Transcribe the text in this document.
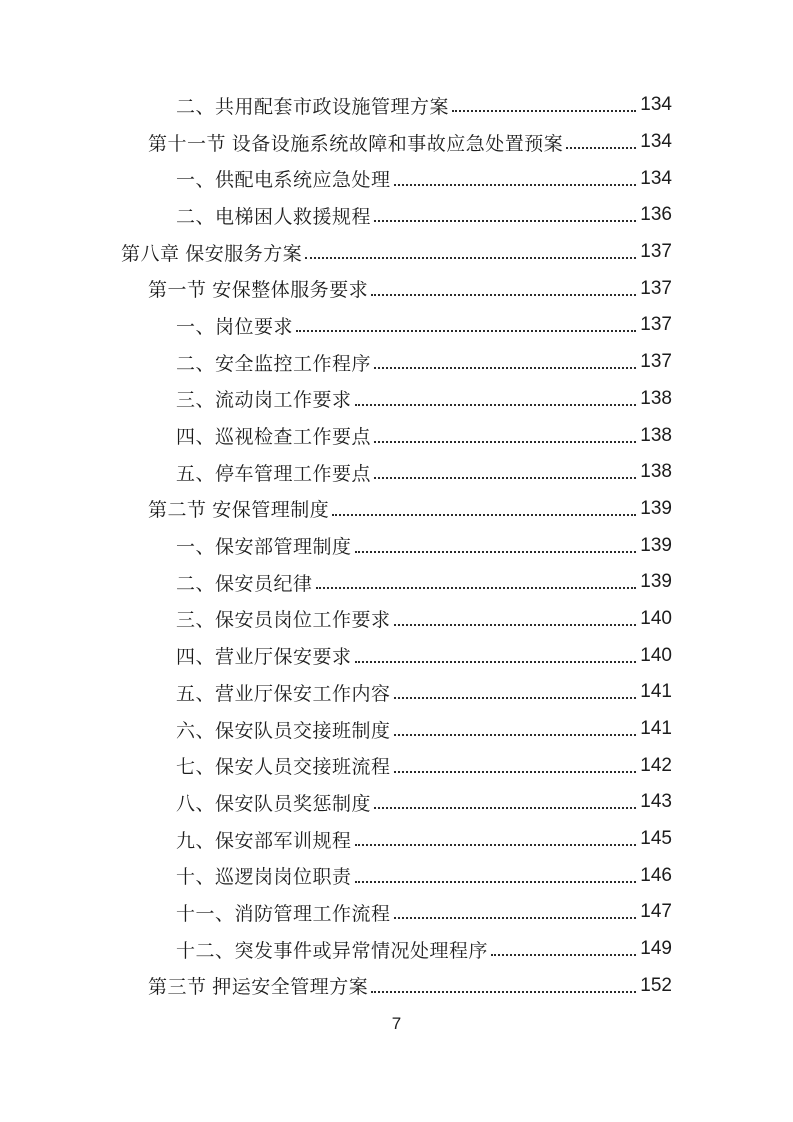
二、共用配套市政设施管理方案	134
第十一节 设备设施系统故障和事故应急处置预案	134
一、供配电系统应急处理	134
二、电梯困人救援规程	136
第八章 保安服务方案	137
第一节 安保整体服务要求	137
一、岗位要求	137
二、安全监控工作程序	137
三、流动岗工作要求	138
四、巡视检查工作要点	138
五、停车管理工作要点	138
第二节 安保管理制度	139
一、保安部管理制度	139
二、保安员纪律	139
三、保安员岗位工作要求	140
四、营业厅保安要求	140
五、营业厅保安工作内容	141
六、保安队员交接班制度	141
七、保安人员交接班流程	142
八、保安队员奖惩制度	143
九、保安部军训规程	145
十、巡逻岗岗位职责	146
十一、消防管理工作流程	147
十二、突发事件或异常情况处理程序	149
第三节 押运安全管理方案	152
7
